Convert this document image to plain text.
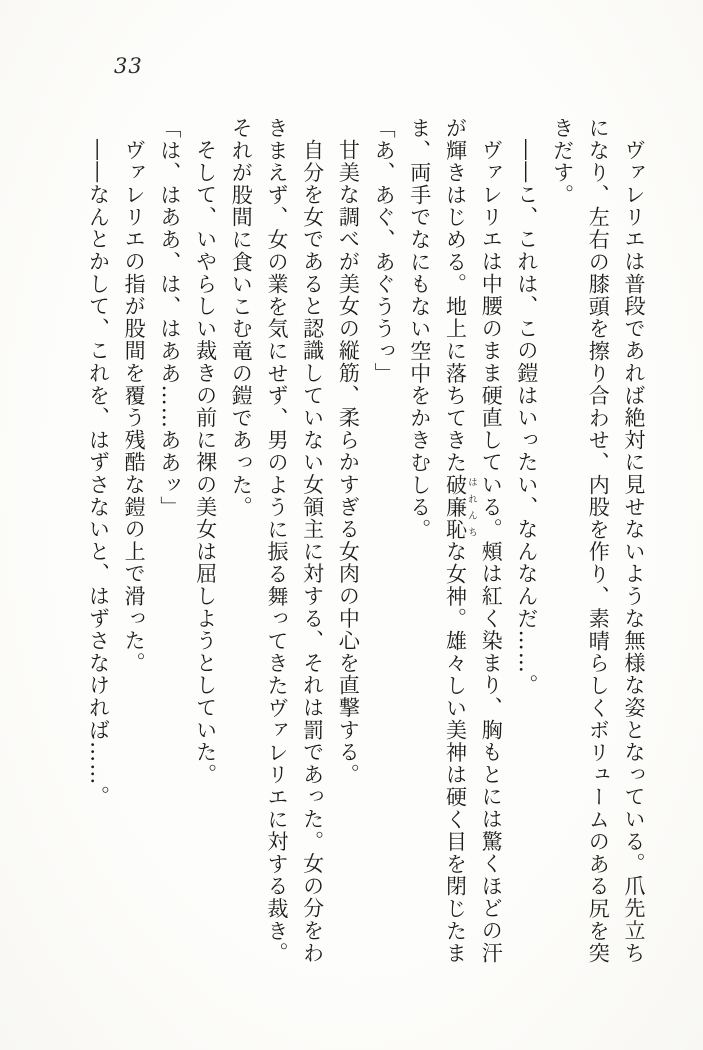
33

ヴァレリエは普段であれば絶対に見せないような無様な姿となっている。爪先立ちになり、左右の膝頭を擦り合わせ、内股を作り、素晴らしくボリュームのある尻を突きだす。

――こ、これは、この鎧はいったい、なんなんだ……。

ヴァレリエは中腰のまま硬直している。頰は紅く染まり、胸もとには驚くほどの汗が輝きはじめる。地上に落ちてきた破廉恥はれんちな女神。雄々しい美神は硬く目を閉じたまま、両手でなにもない空中をかきむしる。

「あ、あぐ、あぐううっ」

甘美な調べが美女の縦筋、柔らかすぎる女肉の中心を直撃する。

自分を女であると認識していない女領主に対する、それは罰であった。女の分をわきまえず、女の業を気にせず、男のように振る舞ってきたヴァレリエに対する裁き。それが股間に食いこむ竜の鎧であった。

そして、いやらしい裁きの前に裸の美女は屈しようとしていた。

「は、はああ、は、はああ……ああッ」

ヴァレリエの指が股間を覆う残酷な鎧の上で滑った。

――なんとかして、これを、はずさないと、はずさなければ……。
